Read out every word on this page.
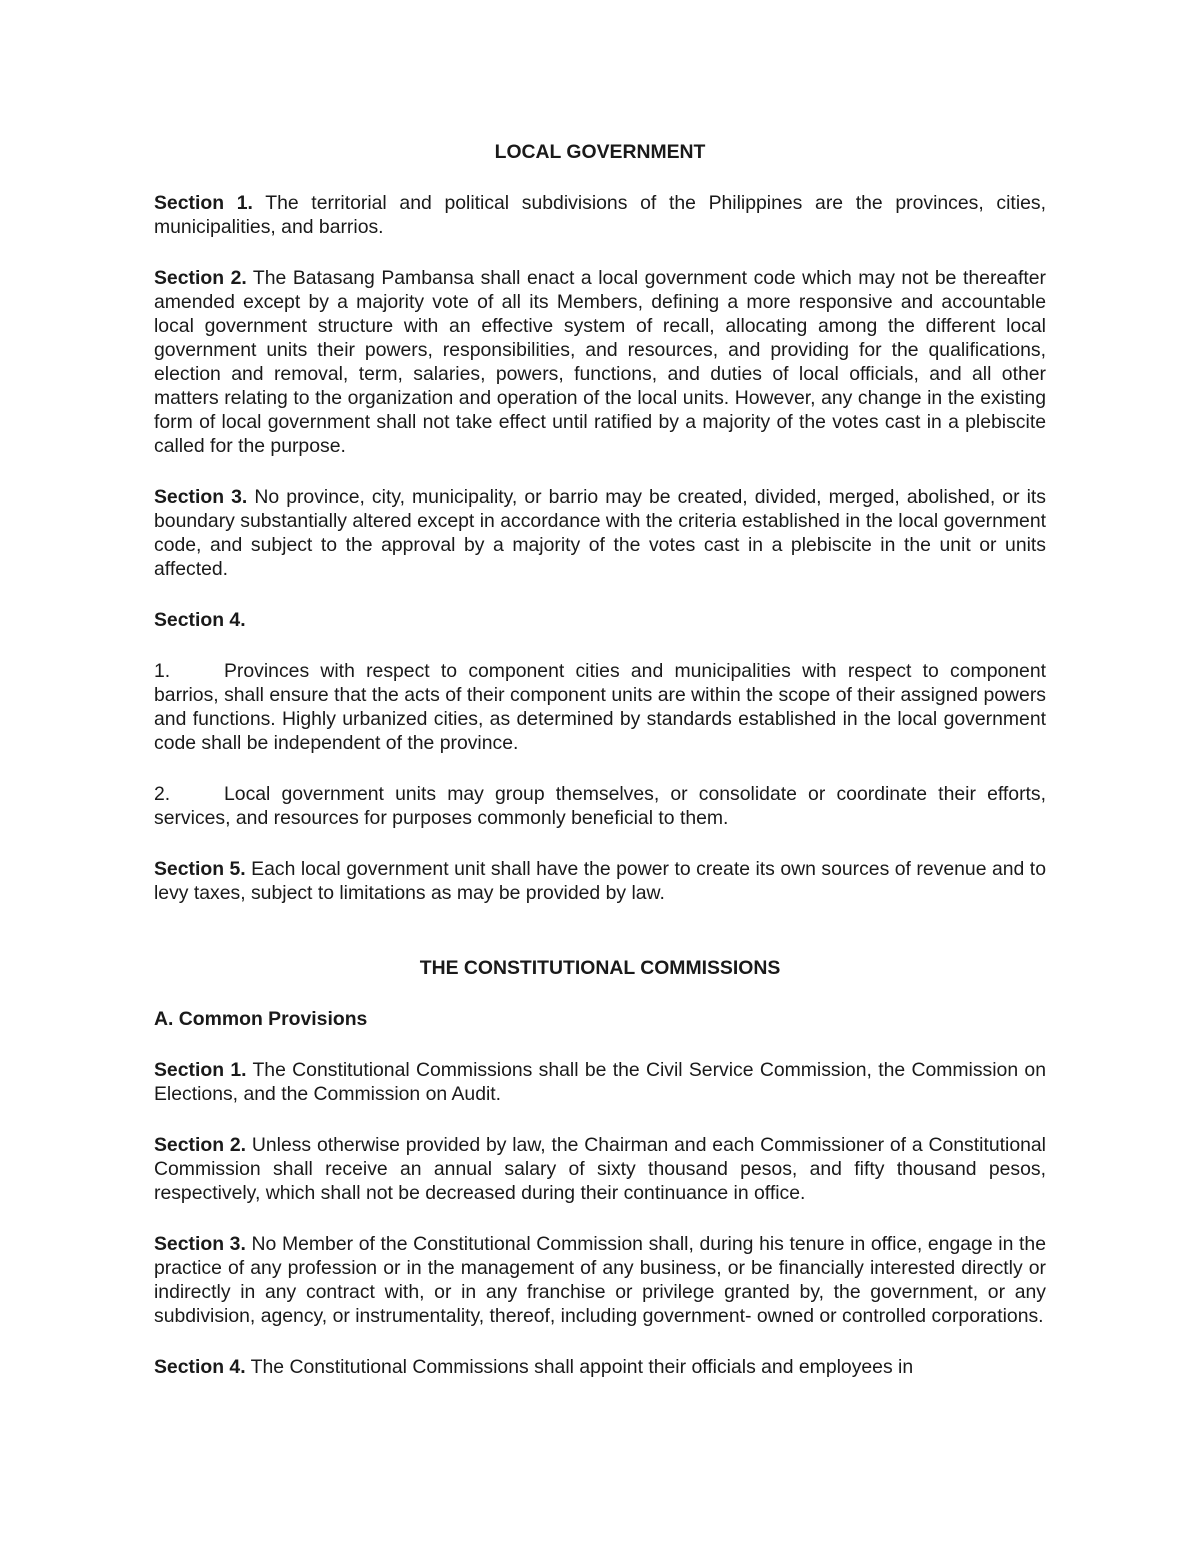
LOCAL GOVERNMENT

Section 1. The territorial and political subdivisions of the Philippines are the provinces, cities, municipalities, and barrios.

Section 2. The Batasang Pambansa shall enact a local government code which may not be thereafter amended except by a majority vote of all its Members, defining a more responsive and accountable local government structure with an effective system of recall, allocating among the different local government units their powers, responsibilities, and resources, and providing for the qualifications, election and removal, term, salaries, powers, functions, and duties of local officials, and all other matters relating to the organization and operation of the local units. However, any change in the existing form of local government shall not take effect until ratified by a majority of the votes cast in a plebiscite called for the purpose.

Section 3. No province, city, municipality, or barrio may be created, divided, merged, abolished, or its boundary substantially altered except in accordance with the criteria established in the local government code, and subject to the approval by a majority of the votes cast in a plebiscite in the unit or units affected.

Section 4.

1.	Provinces with respect to component cities and municipalities with respect to component barrios, shall ensure that the acts of their component units are within the scope of their assigned powers and functions. Highly urbanized cities, as determined by standards established in the local government code shall be independent of the province.

2.	Local government units may group themselves, or consolidate or coordinate their efforts, services, and resources for purposes commonly beneficial to them.

Section 5. Each local government unit shall have the power to create its own sources of revenue and to levy taxes, subject to limitations as may be provided by law.

THE CONSTITUTIONAL COMMISSIONS

A. Common Provisions

Section 1. The Constitutional Commissions shall be the Civil Service Commission, the Commission on Elections, and the Commission on Audit.

Section 2. Unless otherwise provided by law, the Chairman and each Commissioner of a Constitutional Commission shall receive an annual salary of sixty thousand pesos, and fifty thousand pesos, respectively, which shall not be decreased during their continuance in office.

Section 3. No Member of the Constitutional Commission shall, during his tenure in office, engage in the practice of any profession or in the management of any business, or be financially interested directly or indirectly in any contract with, or in any franchise or privilege granted by, the government, or any subdivision, agency, or instrumentality, thereof, including government- owned or controlled corporations.

Section 4. The Constitutional Commissions shall appoint their officials and employees in
